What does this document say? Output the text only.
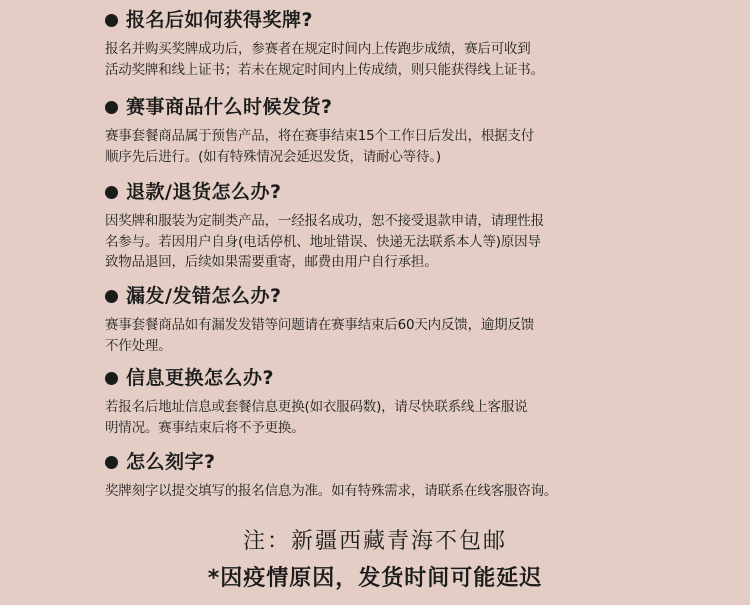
报名后如何获得奖牌?
报名并购买奖牌成功后，参赛者在规定时间内上传跑步成绩，赛后可收到
活动奖牌和线上证书；若未在规定时间内上传成绩，则只能获得线上证书。
赛事商品什么时候发货?
赛事套餐商品属于预售产品，将在赛事结束15个工作日后发出，根据支付
顺序先后进行。(如有特殊情况会延迟发货，请耐心等待。)
退款/退货怎么办?
因奖牌和服装为定制类产品，一经报名成功，恕不接受退款申请，请理性报
名参与。若因用户自身(电话停机、地址错误、快递无法联系本人等)原因导
致物品退回，后续如果需要重寄，邮费由用户自行承担。
漏发/发错怎么办?
赛事套餐商品如有漏发发错等问题请在赛事结束后60天内反馈，逾期反馈
不作处理。
信息更换怎么办?
若报名后地址信息或套餐信息更换(如衣服码数)，请尽快联系线上客服说
明情况。赛事结束后将不予更换。
怎么刻字?
奖牌刻字以提交填写的报名信息为准。如有特殊需求，请联系在线客服咨询。
注：新疆西藏青海不包邮
*因疫情原因，发货时间可能延迟
